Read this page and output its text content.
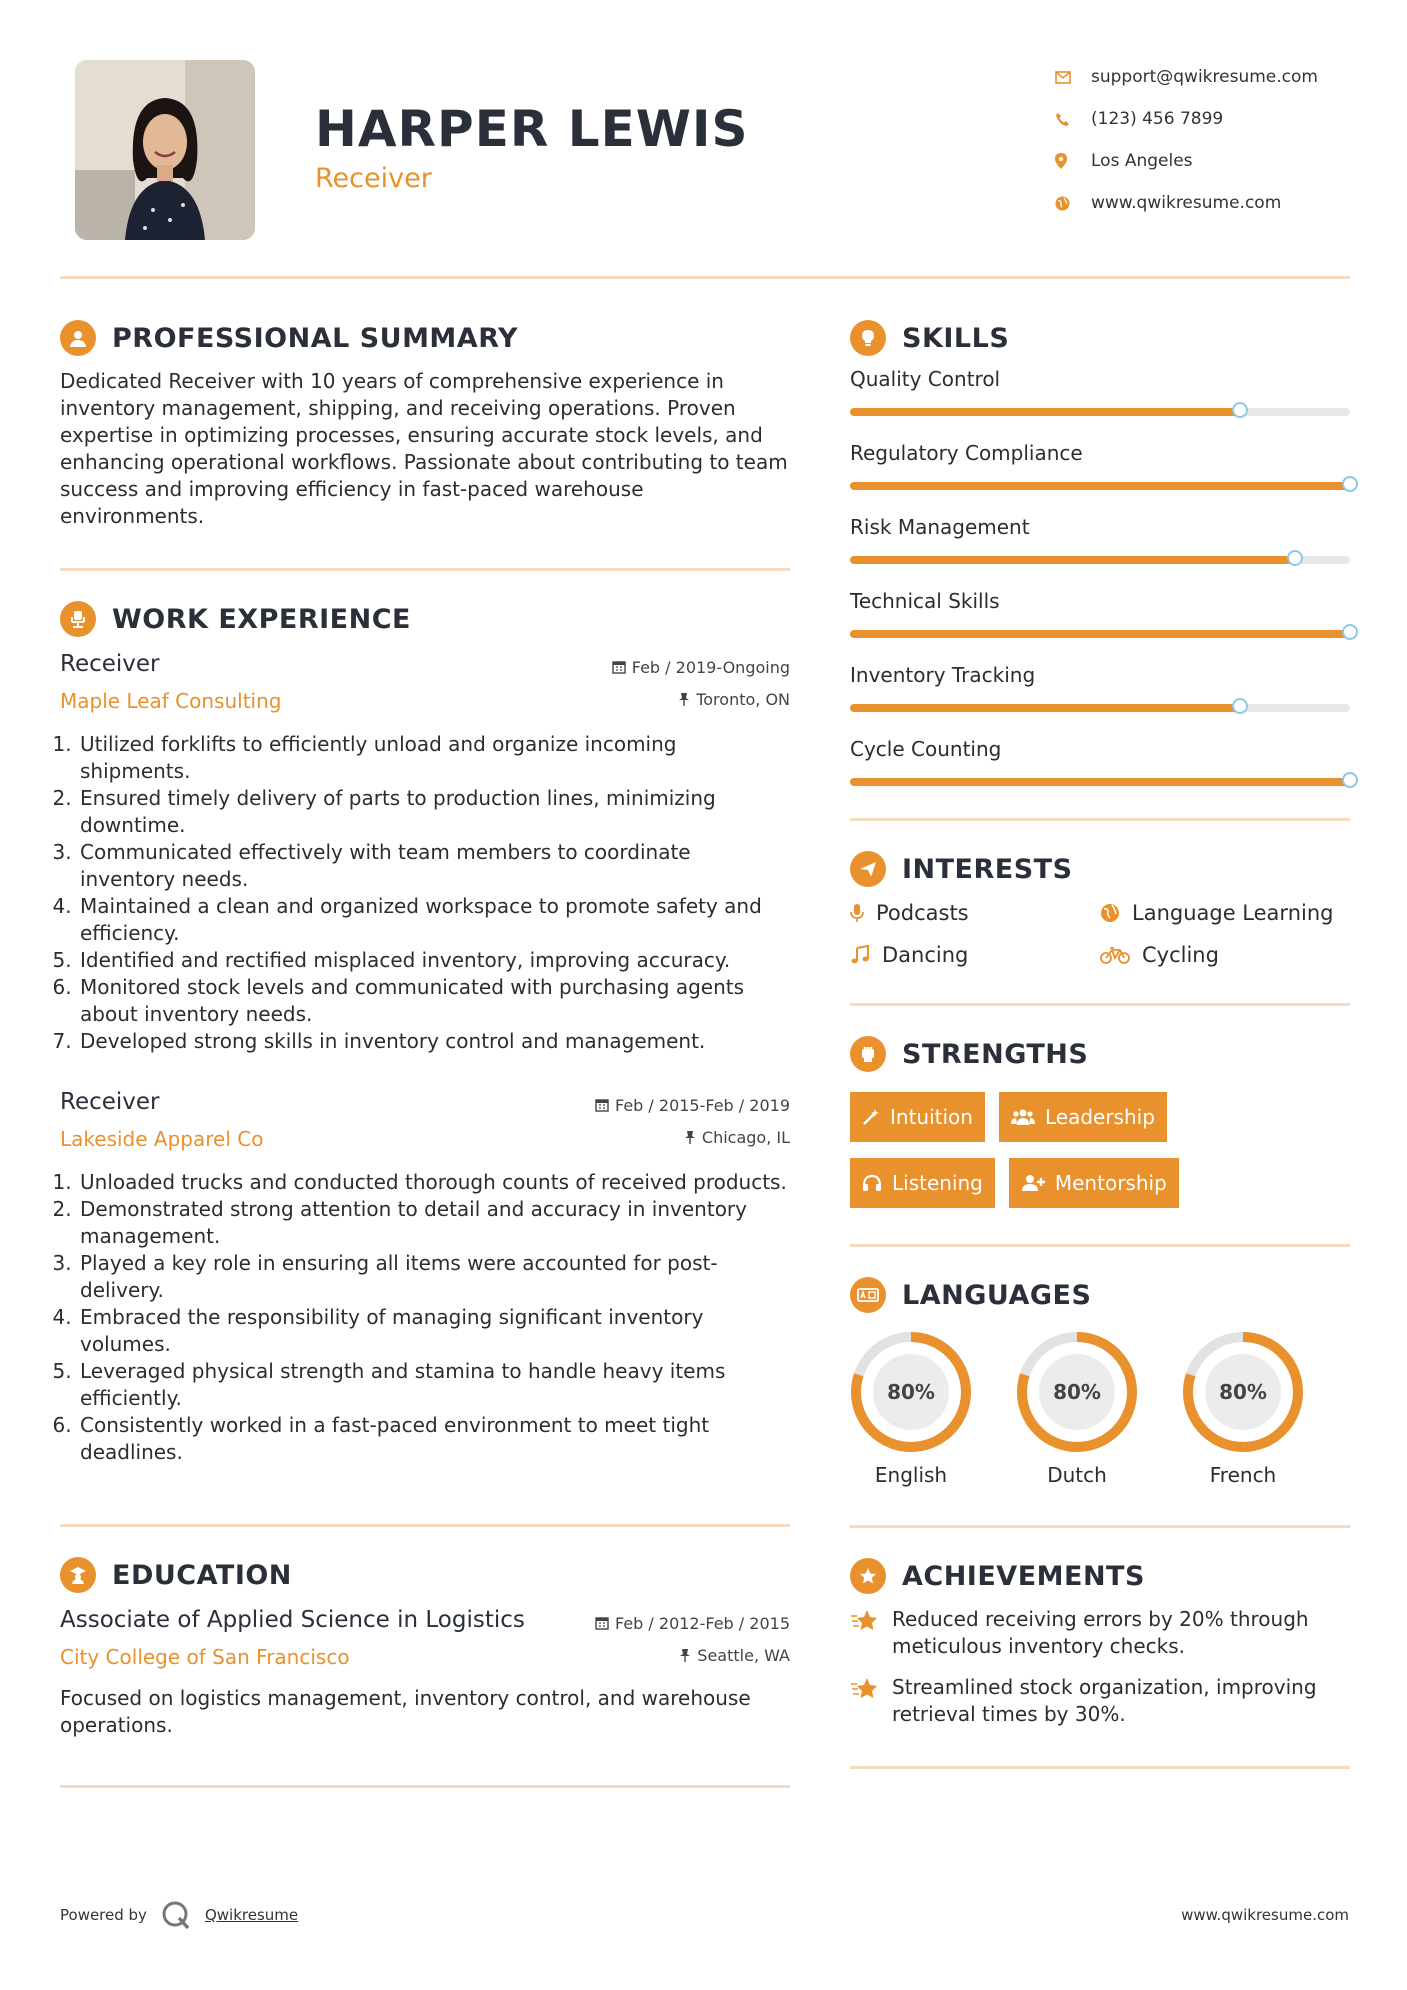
HARPER LEWIS
Receiver
support@qwikresume.com
(123) 456 7899
Los Angeles
www.qwikresume.com
PROFESSIONAL SUMMARY
Dedicated Receiver with 10 years of comprehensive experience in inventory management, shipping, and receiving operations. Proven expertise in optimizing processes, ensuring accurate stock levels, and enhancing operational workflows. Passionate about contributing to team success and improving efficiency in fast-paced warehouse environments.
WORK EXPERIENCE
Receiver
Maple Leaf Consulting
Feb / 2019-Ongoing
Toronto, ON
1. Utilized forklifts to efficiently unload and organize incoming shipments.
2. Ensured timely delivery of parts to production lines, minimizing downtime.
3. Communicated effectively with team members to coordinate inventory needs.
4. Maintained a clean and organized workspace to promote safety and efficiency.
5. Identified and rectified misplaced inventory, improving accuracy.
6. Monitored stock levels and communicated with purchasing agents about inventory needs.
7. Developed strong skills in inventory control and management.
Receiver
Lakeside Apparel Co
Feb / 2015-Feb / 2019
Chicago, IL
1. Unloaded trucks and conducted thorough counts of received products.
2. Demonstrated strong attention to detail and accuracy in inventory management.
3. Played a key role in ensuring all items were accounted for post-delivery.
4. Embraced the responsibility of managing significant inventory volumes.
5. Leveraged physical strength and stamina to handle heavy items efficiently.
6. Consistently worked in a fast-paced environment to meet tight deadlines.
EDUCATION
Associate of Applied Science in Logistics
City College of San Francisco
Feb / 2012-Feb / 2015
Seattle, WA
Focused on logistics management, inventory control, and warehouse operations.
SKILLS
Quality Control
Regulatory Compliance
Risk Management
Technical Skills
Inventory Tracking
Cycle Counting
INTERESTS
Podcasts	Language Learning
Dancing	Cycling
STRENGTHS
Intuition	Leadership
Listening	Mentorship
LANGUAGES
80%
English
80%
Dutch
80%
French
ACHIEVEMENTS
Reduced receiving errors by 20% through meticulous inventory checks.
Streamlined stock organization, improving retrieval times by 30%.
Powered by	Qwikresume	www.qwikresume.com
